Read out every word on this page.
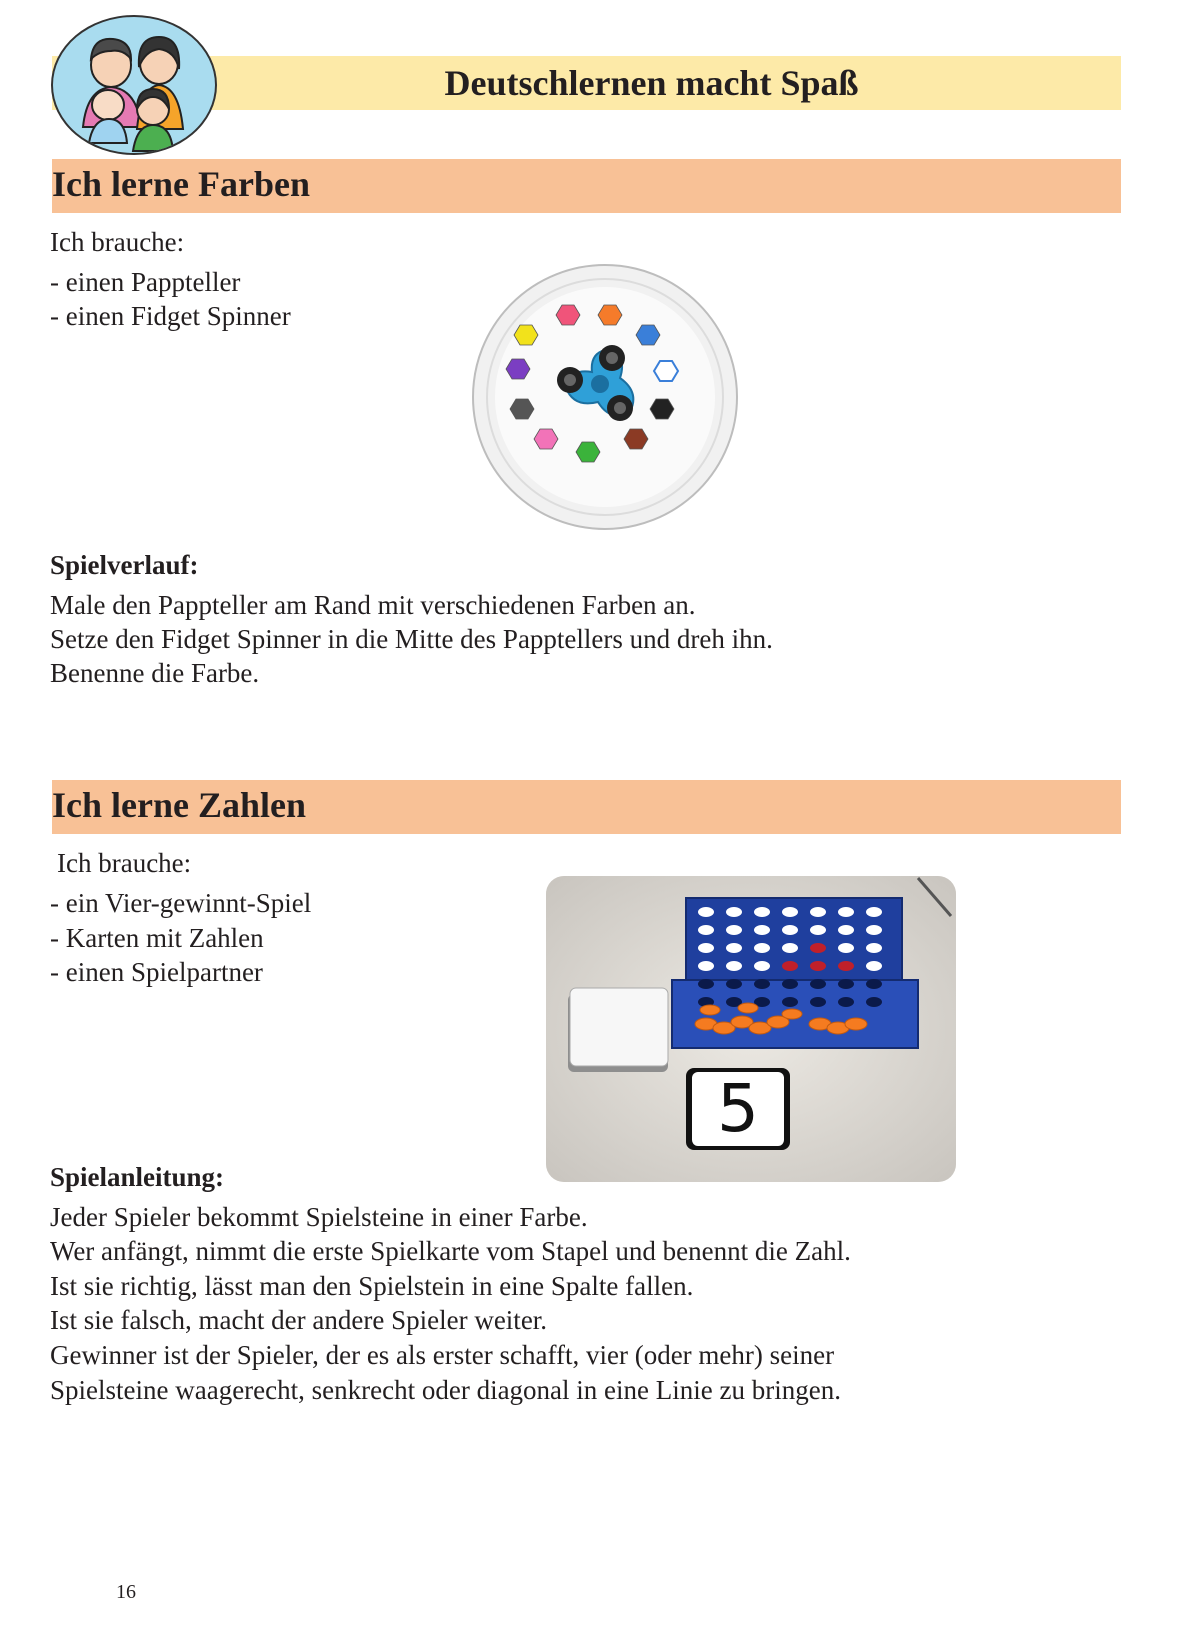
Deutschlernen macht Spaß
Ich lerne Farben
Ich brauche:
- einen Pappteller
- einen Fidget Spinner
Spielverlauf:
Male den Pappteller am Rand mit verschiedenen Farben an.
Setze den Fidget Spinner in die Mitte des Papptellers und dreh ihn.
Benenne die Farbe.
Ich lerne Zahlen
Ich brauche:
- ein Vier-gewinnt-Spiel
- Karten mit Zahlen
- einen Spielpartner
5
Spielanleitung:
Jeder Spieler bekommt Spielsteine in einer Farbe.
Wer anfängt, nimmt die erste Spielkarte vom Stapel und benennt die Zahl.
Ist sie richtig, lässt man den Spielstein in eine Spalte fallen.
Ist sie falsch, macht der andere Spieler weiter.
Gewinner ist der Spieler, der es als erster schafft, vier (oder mehr) seiner
Spielsteine waagerecht, senkrecht oder diagonal in eine Linie zu bringen.
16
